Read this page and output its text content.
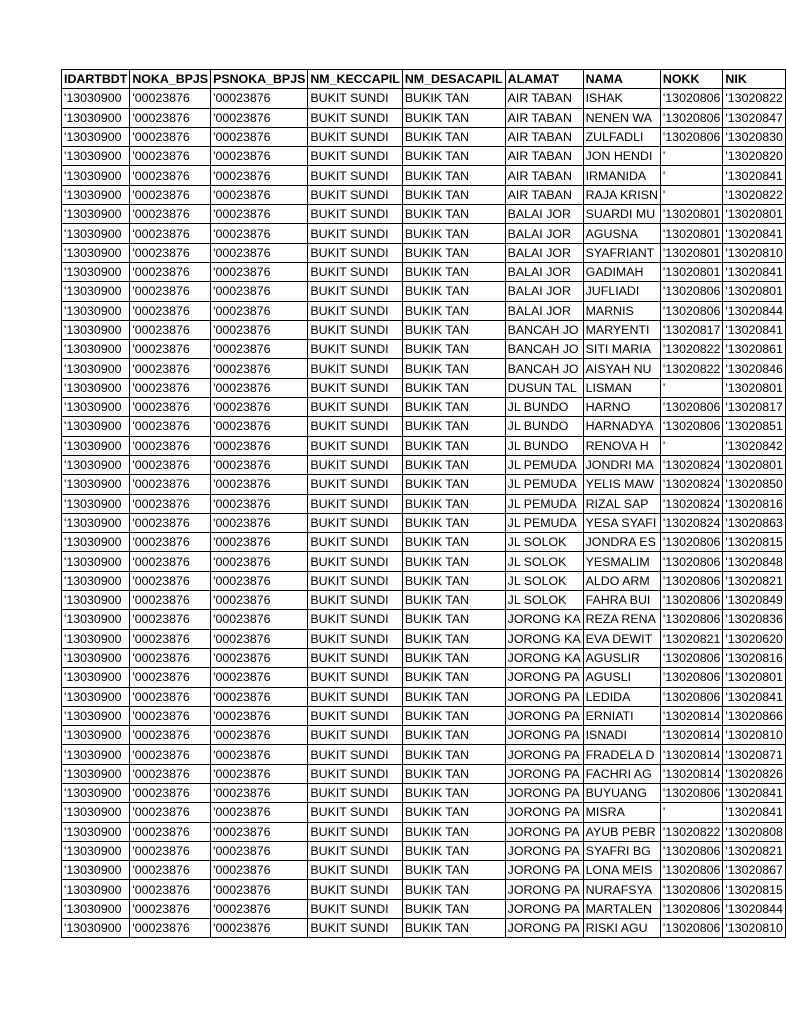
IDARTBDT	NOKA_BPJS	PSNOKA_BPJS	NM_KECCAPIL	NM_DESACAPIL	ALAMAT	NAMA	NOKK	NIK
'13030900	'00023876	'00023876	BUKIT SUNDI	BUKIK TAN	AIR TABAN	ISHAK	'13020806	'13020822
'13030900	'00023876	'00023876	BUKIT SUNDI	BUKIK TAN	AIR TABAN	NENEN WA	'13020806	'13020847
'13030900	'00023876	'00023876	BUKIT SUNDI	BUKIK TAN	AIR TABAN	ZULFADLI	'13020806	'13020830
'13030900	'00023876	'00023876	BUKIT SUNDI	BUKIK TAN	AIR TABAN	JON HENDI	'	'13020820
'13030900	'00023876	'00023876	BUKIT SUNDI	BUKIK TAN	AIR TABAN	IRMANIDA	'	'13020841
'13030900	'00023876	'00023876	BUKIT SUNDI	BUKIK TAN	AIR TABAN	RAJA KRISN	'	'13020822
'13030900	'00023876	'00023876	BUKIT SUNDI	BUKIK TAN	BALAI JOR	SUARDI MU	'13020801	'13020801
'13030900	'00023876	'00023876	BUKIT SUNDI	BUKIK TAN	BALAI JOR	AGUSNA	'13020801	'13020841
'13030900	'00023876	'00023876	BUKIT SUNDI	BUKIK TAN	BALAI JOR	SYAFRIANT	'13020801	'13020810
'13030900	'00023876	'00023876	BUKIT SUNDI	BUKIK TAN	BALAI JOR	GADIMAH	'13020801	'13020841
'13030900	'00023876	'00023876	BUKIT SUNDI	BUKIK TAN	BALAI JOR	JUFLIADI	'13020806	'13020801
'13030900	'00023876	'00023876	BUKIT SUNDI	BUKIK TAN	BALAI JOR	MARNIS	'13020806	'13020844
'13030900	'00023876	'00023876	BUKIT SUNDI	BUKIK TAN	BANCAH JO	MARYENTI	'13020817	'13020841
'13030900	'00023876	'00023876	BUKIT SUNDI	BUKIK TAN	BANCAH JO	SITI MARIA	'13020822	'13020861
'13030900	'00023876	'00023876	BUKIT SUNDI	BUKIK TAN	BANCAH JO	AISYAH NU	'13020822	'13020846
'13030900	'00023876	'00023876	BUKIT SUNDI	BUKIK TAN	DUSUN TAL	LISMAN	'	'13020801
'13030900	'00023876	'00023876	BUKIT SUNDI	BUKIK TAN	JL BUNDO	HARNO	'13020806	'13020817
'13030900	'00023876	'00023876	BUKIT SUNDI	BUKIK TAN	JL BUNDO	HARNADYA	'13020806	'13020851
'13030900	'00023876	'00023876	BUKIT SUNDI	BUKIK TAN	JL BUNDO	RENOVA H	'	'13020842
'13030900	'00023876	'00023876	BUKIT SUNDI	BUKIK TAN	JL PEMUDA	JONDRI MA	'13020824	'13020801
'13030900	'00023876	'00023876	BUKIT SUNDI	BUKIK TAN	JL PEMUDA	YELIS MAW	'13020824	'13020850
'13030900	'00023876	'00023876	BUKIT SUNDI	BUKIK TAN	JL PEMUDA	RIZAL SAP	'13020824	'13020816
'13030900	'00023876	'00023876	BUKIT SUNDI	BUKIK TAN	JL PEMUDA	YESA SYAFI	'13020824	'13020863
'13030900	'00023876	'00023876	BUKIT SUNDI	BUKIK TAN	JL SOLOK	JONDRA ES	'13020806	'13020815
'13030900	'00023876	'00023876	BUKIT SUNDI	BUKIK TAN	JL SOLOK	YESMALIM	'13020806	'13020848
'13030900	'00023876	'00023876	BUKIT SUNDI	BUKIK TAN	JL SOLOK	ALDO ARM	'13020806	'13020821
'13030900	'00023876	'00023876	BUKIT SUNDI	BUKIK TAN	JL SOLOK	FAHRA BUI	'13020806	'13020849
'13030900	'00023876	'00023876	BUKIT SUNDI	BUKIK TAN	JORONG KA	REZA RENA	'13020806	'13020836
'13030900	'00023876	'00023876	BUKIT SUNDI	BUKIK TAN	JORONG KA	EVA DEWIT	'13020821	'13020620
'13030900	'00023876	'00023876	BUKIT SUNDI	BUKIK TAN	JORONG KA	AGUSLIR	'13020806	'13020816
'13030900	'00023876	'00023876	BUKIT SUNDI	BUKIK TAN	JORONG PA	AGUSLI	'13020806	'13020801
'13030900	'00023876	'00023876	BUKIT SUNDI	BUKIK TAN	JORONG PA	LEDIDA	'13020806	'13020841
'13030900	'00023876	'00023876	BUKIT SUNDI	BUKIK TAN	JORONG PA	ERNIATI	'13020814	'13020866
'13030900	'00023876	'00023876	BUKIT SUNDI	BUKIK TAN	JORONG PA	ISNADI	'13020814	'13020810
'13030900	'00023876	'00023876	BUKIT SUNDI	BUKIK TAN	JORONG PA	FRADELA D	'13020814	'13020871
'13030900	'00023876	'00023876	BUKIT SUNDI	BUKIK TAN	JORONG PA	FACHRI AG	'13020814	'13020826
'13030900	'00023876	'00023876	BUKIT SUNDI	BUKIK TAN	JORONG PA	BUYUANG	'13020806	'13020841
'13030900	'00023876	'00023876	BUKIT SUNDI	BUKIK TAN	JORONG PA	MISRA	'	'13020841
'13030900	'00023876	'00023876	BUKIT SUNDI	BUKIK TAN	JORONG PA	AYUB PEBR	'13020822	'13020808
'13030900	'00023876	'00023876	BUKIT SUNDI	BUKIK TAN	JORONG PA	SYAFRI BG	'13020806	'13020821
'13030900	'00023876	'00023876	BUKIT SUNDI	BUKIK TAN	JORONG PA	LONA MEIS	'13020806	'13020867
'13030900	'00023876	'00023876	BUKIT SUNDI	BUKIK TAN	JORONG PA	NURAFSYA	'13020806	'13020815
'13030900	'00023876	'00023876	BUKIT SUNDI	BUKIK TAN	JORONG PA	MARTALEN	'13020806	'13020844
'13030900	'00023876	'00023876	BUKIT SUNDI	BUKIK TAN	JORONG PA	RISKI AGU	'13020806	'13020810
